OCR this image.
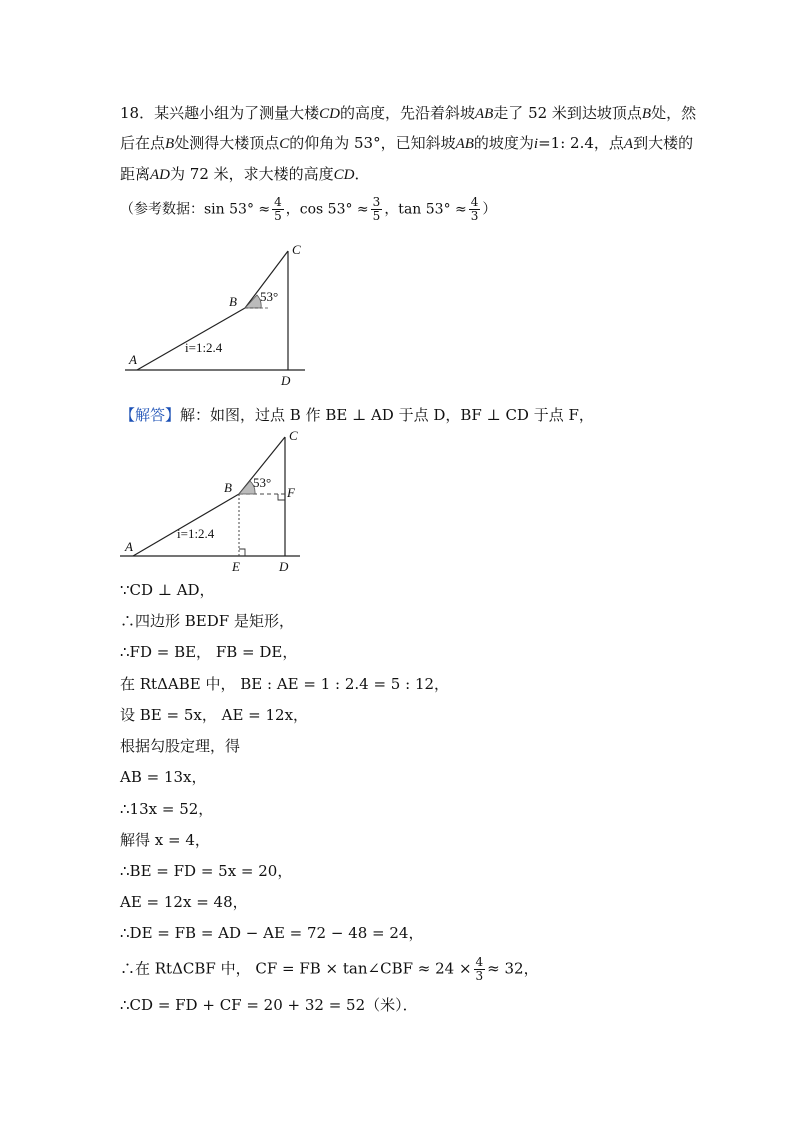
18．某兴趣小组为了测量大楼CD的高度，先沿着斜坡AB走了 52 米到达坡顶点B处，然
后在点B处测得大楼顶点C的仰角为 53°，已知斜坡AB的坡度为i=1: 2.4，点A到大楼的
距离AD为 72 米，求大楼的高度CD．
（参考数据：$\sin 53^\circ \approx \frac{4}{5}$ ，$\cos 53^\circ \approx \frac{3}{5}$ ，$\tan 53^\circ \approx \frac{4}{3}$ ）
A
B
C
D
53°
i=1:2.4
【解答】解：如图，过点 B 作 BE ⊥ AD 于点 D，BF ⊥ CD 于点 F，
A
B
C
D
E
F
53°
i=1:2.4
∵CD ⊥ AD，
∴四边形 BEDF 是矩形，
∴FD = BE， FB = DE，
在 RtΔABE 中， BE : AE = 1 : 2.4 = 5 : 12，
设 BE = 5x， AE = 12x，
根据勾股定理，得
AB = 13x，
∴13x = 52，
解得 x = 4，
∴BE = FD = 5x = 20，
AE = 12x = 48，
∴DE = FB = AD − AE = 72 − 48 = 24，
∴在 RtΔCBF 中， CF = FB × tan∠CBF ≈ $24 \times \frac{4}{3} \approx 32$，
∴CD = FD + CF = 20 + 32 = 52（米）．
